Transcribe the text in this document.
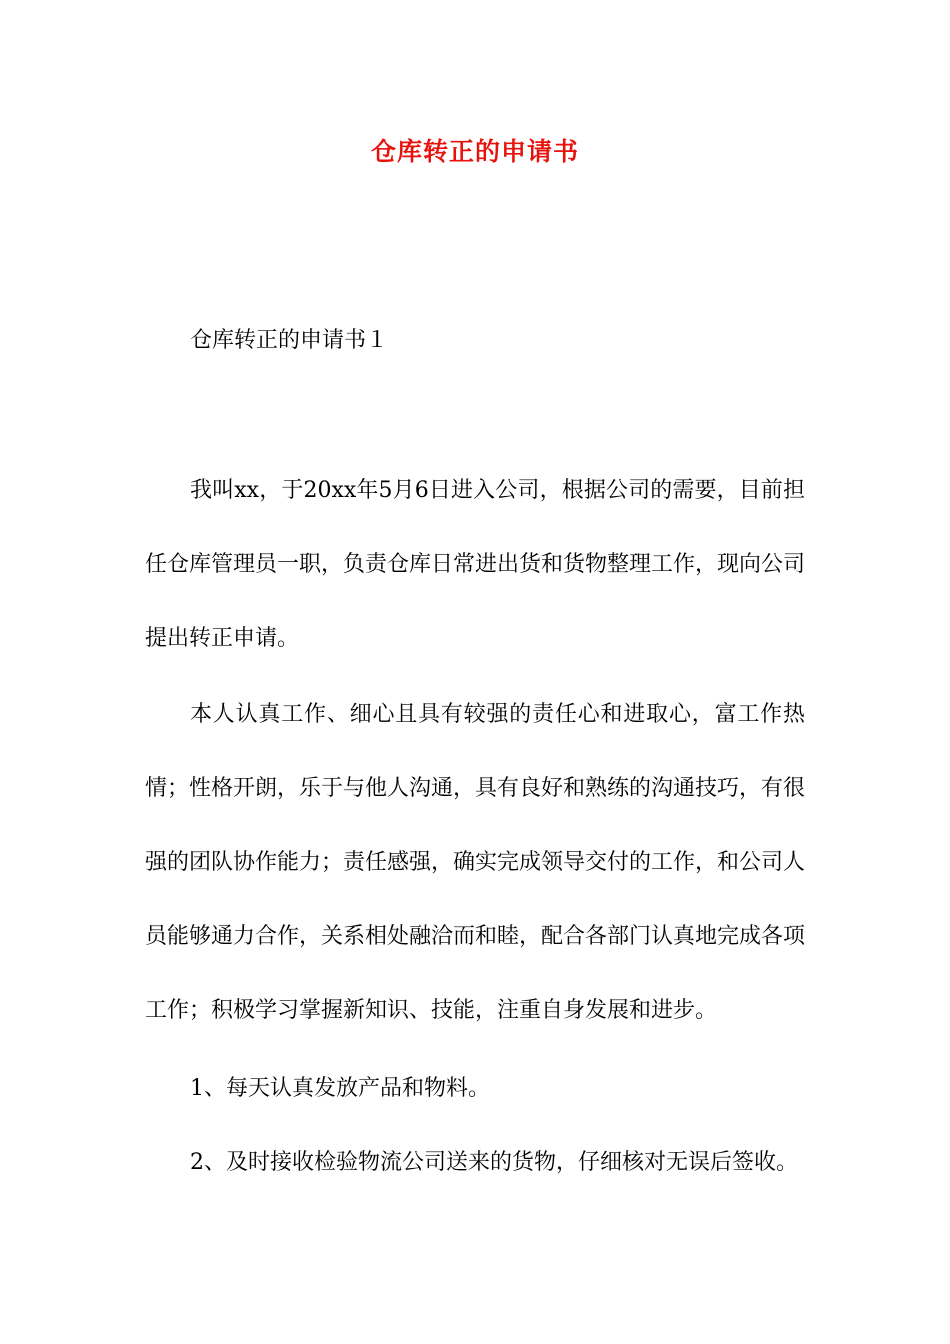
仓库转正的申请书
仓库转正的申请书１

我叫xx，于20xx年5月6日进入公司，根据公司的需要，目前担任仓库管理员一职，负责仓库日常进出货和货物整理工作，现向公司提出转正申请。

本人认真工作、细心且具有较强的责任心和进取心，富工作热情；性格开朗，乐于与他人沟通，具有良好和熟练的沟通技巧，有很强的团队协作能力；责任感强，确实完成领导交付的工作，和公司人员能够通力合作，关系相处融洽而和睦，配合各部门认真地完成各项工作；积极学习掌握新知识、技能，注重自身发展和进步。

1、每天认真发放产品和物料。

2、及时接收检验物流公司送来的货物，仔细核对无误后签收。
